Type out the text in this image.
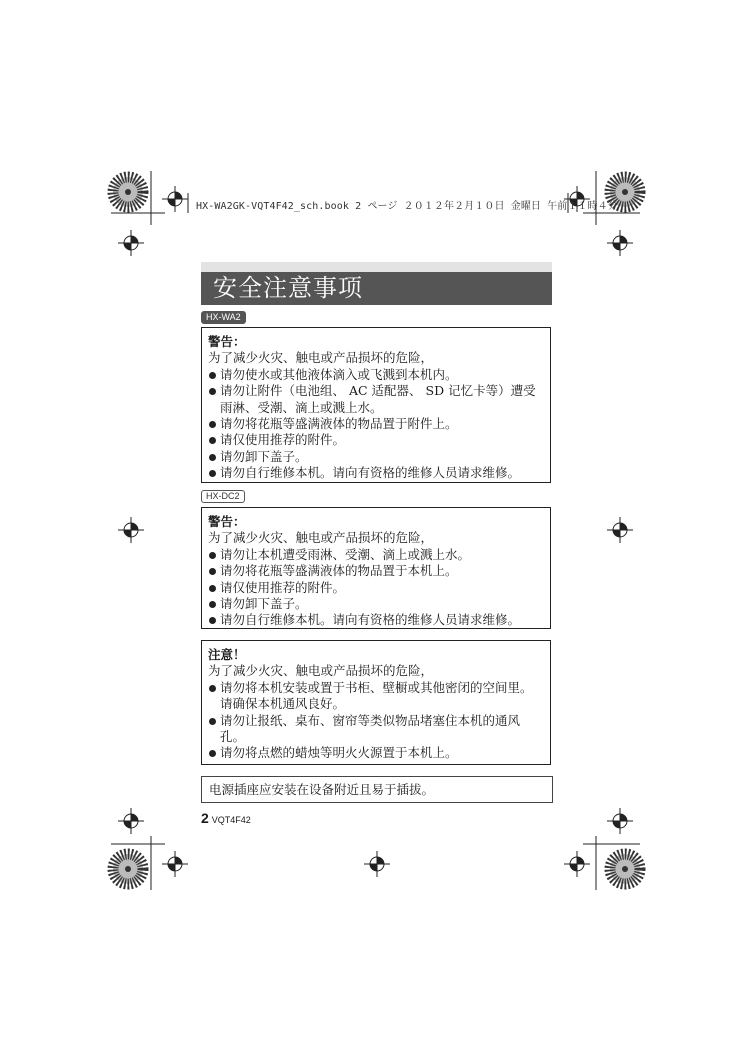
HX-WA2GK-VQT4F42_sch.book 2 ページ ２０１２年２月１０日 金曜日 午前１１時４分
安全注意事项
HX-WA2
警告：

为了减少火灾、触电或产品损坏的危险，

请勿使水或其他液体滴入或飞溅到本机内。

请勿让附件（电池组、 AC 适配器、 SD 记忆卡等）遭受雨淋、受潮、滴上或溅上水。

请勿将花瓶等盛满液体的物品置于附件上。

请仅使用推荐的附件。

请勿卸下盖子。

请勿自行维修本机。请向有资格的维修人员请求维修。

HX-DC2
警告：

为了减少火灾、触电或产品损坏的危险，

请勿让本机遭受雨淋、受潮、滴上或溅上水。

请勿将花瓶等盛满液体的物品置于本机上。

请仅使用推荐的附件。

请勿卸下盖子。

请勿自行维修本机。请向有资格的维修人员请求维修。

注意！

为了减少火灾、触电或产品损坏的危险，

请勿将本机安装或置于书柜、壁橱或其他密闭的空间里。请确保本机通风良好。

请勿让报纸、桌布、窗帘等类似物品堵塞住本机的通风孔。

请勿将点燃的蜡烛等明火火源置于本机上。

电源插座应安装在设备附近且易于插拔。
2 VQT4F42
